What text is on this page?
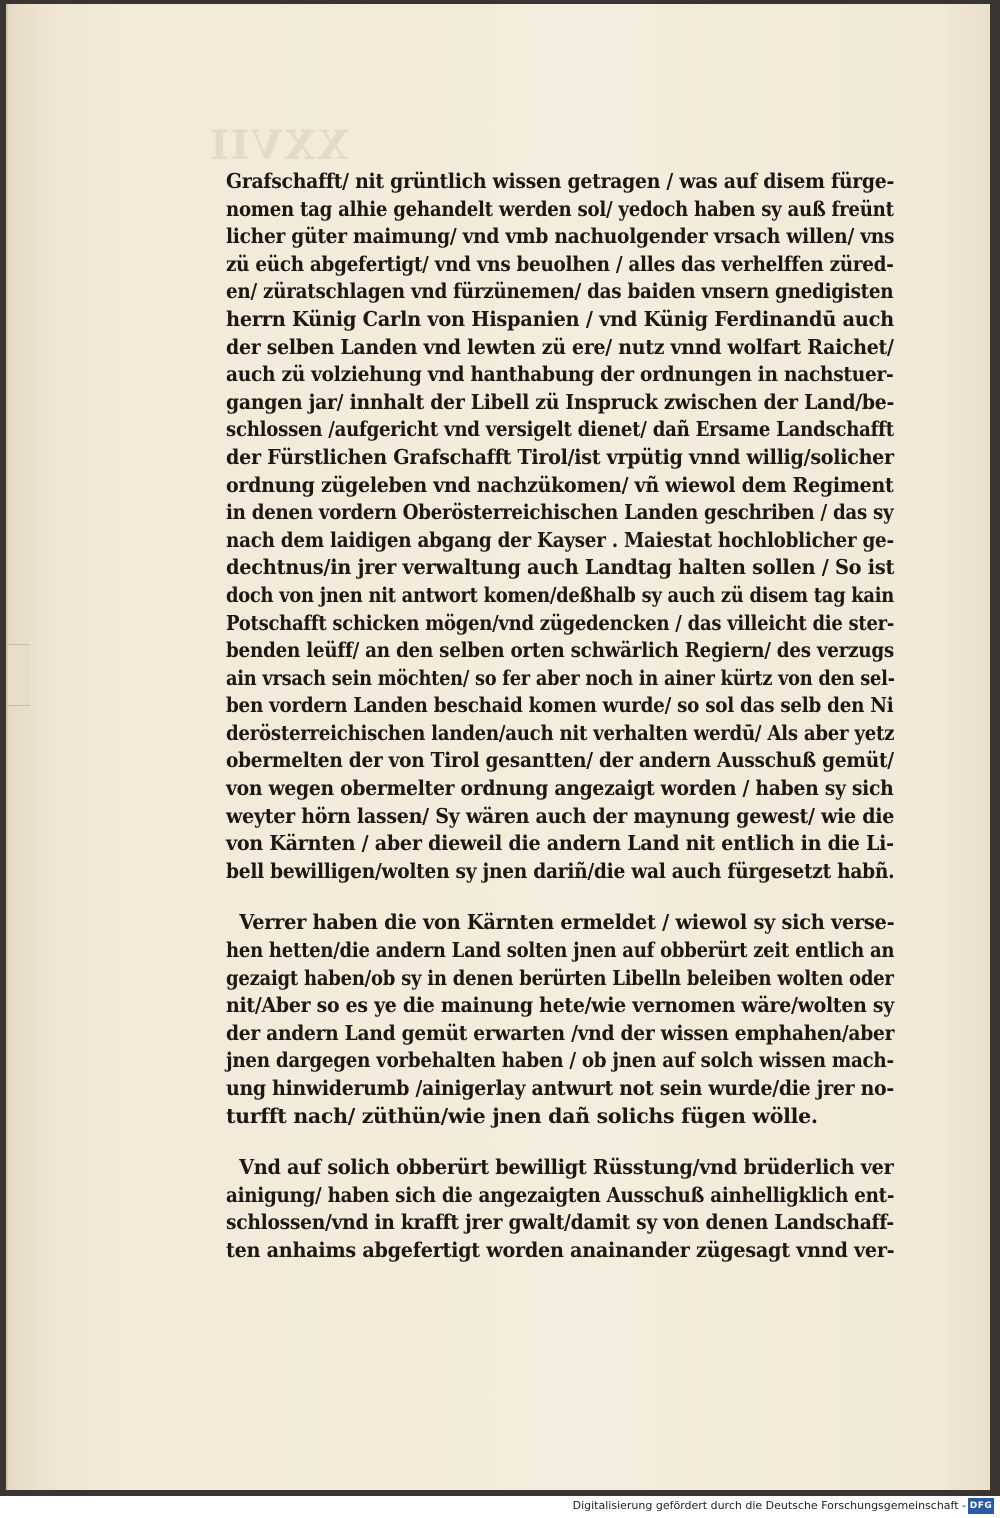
XXVII
Grafschafft/ nit grüntlich wissen getragen / was auf disem fürge-
nomen tag alhie gehandelt werden sol/ yedoch haben sy auß freünt
licher güter maimung/ vnd vmb nachuolgender vrsach willen/ vns
zü eüch abgefertigt/ vnd vns beuolhen / alles das verhelffen züred-
en/ züratschlagen vnd fürzünemen/ das baiden vnsern gnedigisten
herrn Künig Carln von Hispanien / vnd Künig Ferdinandū auch
der selben Landen vnd lewten zü ere/ nutz vnnd wolfart Raichet/
auch zü volziehung vnd hanthabung der ordnungen in nachstuer-
gangen jar/ innhalt der Libell zü Inspruck zwischen der Land/be-
schlossen /aufgericht vnd versigelt dienet/ dañ Ersame Landschafft
der Fürstlichen Grafschafft Tirol/ist vrpütig vnnd willig/solicher
ordnung zügeleben vnd nachzükomen/ vñ wiewol dem Regiment
in denen vordern Oberösterreichischen Landen geschriben / das sy
nach dem laidigen abgang der Kayser . Maiestat hochloblicher ge-
dechtnus/in jrer verwaltung auch Landtag halten sollen / So ist
doch von jnen nit antwort komen/deßhalb sy auch zü disem tag kain
Potschafft schicken mögen/vnd zügedencken / das villeicht die ster-
benden leüff/ an den selben orten schwärlich Regiern/ des verzugs
ain vrsach sein möchten/ so fer aber noch in ainer kürtz von den sel-
ben vordern Landen beschaid komen wurde/ so sol das selb den Ni
derösterreichischen landen/auch nit verhalten werdū/ Als aber yetz
obermelten der von Tirol gesantten/ der andern Ausschuß gemüt/
von wegen obermelter ordnung angezaigt worden / haben sy sich
weyter hörn lassen/ Sy wären auch der maynung gewest/ wie die
von Kärnten / aber dieweil die andern Land nit entlich in die Li-
bell bewilligen/wolten sy jnen dariñ/die wal auch fürgesetzt habñ.
Verrer haben die von Kärnten ermeldet / wiewol sy sich verse-
hen hetten/die andern Land solten jnen auf obberürt zeit entlich an
gezaigt haben/ob sy in denen berürten Libelln beleiben wolten oder
nit/Aber so es ye die mainung hete/wie vernomen wäre/wolten sy
der andern Land gemüt erwarten /vnd der wissen emphahen/aber
jnen dargegen vorbehalten haben / ob jnen auf solch wissen mach-
ung hinwiderumb /ainigerlay antwurt not sein wurde/die jrer no-
turfft nach/ züthün/wie jnen dañ solichs fügen wölle.
Vnd auf solich obberürt bewilligt Rüsstung/vnd brüderlich ver
ainigung/ haben sich die angezaigten Ausschuß ainhelligklich ent-
schlossen/vnd in krafft jrer gwalt/damit sy von denen Landschaff-
ten anhaims abgefertigt worden anainander zügesagt vnnd ver-
Digitalisierung gefördert durch die Deutsche Forschungsgemeinschaft - DFG
